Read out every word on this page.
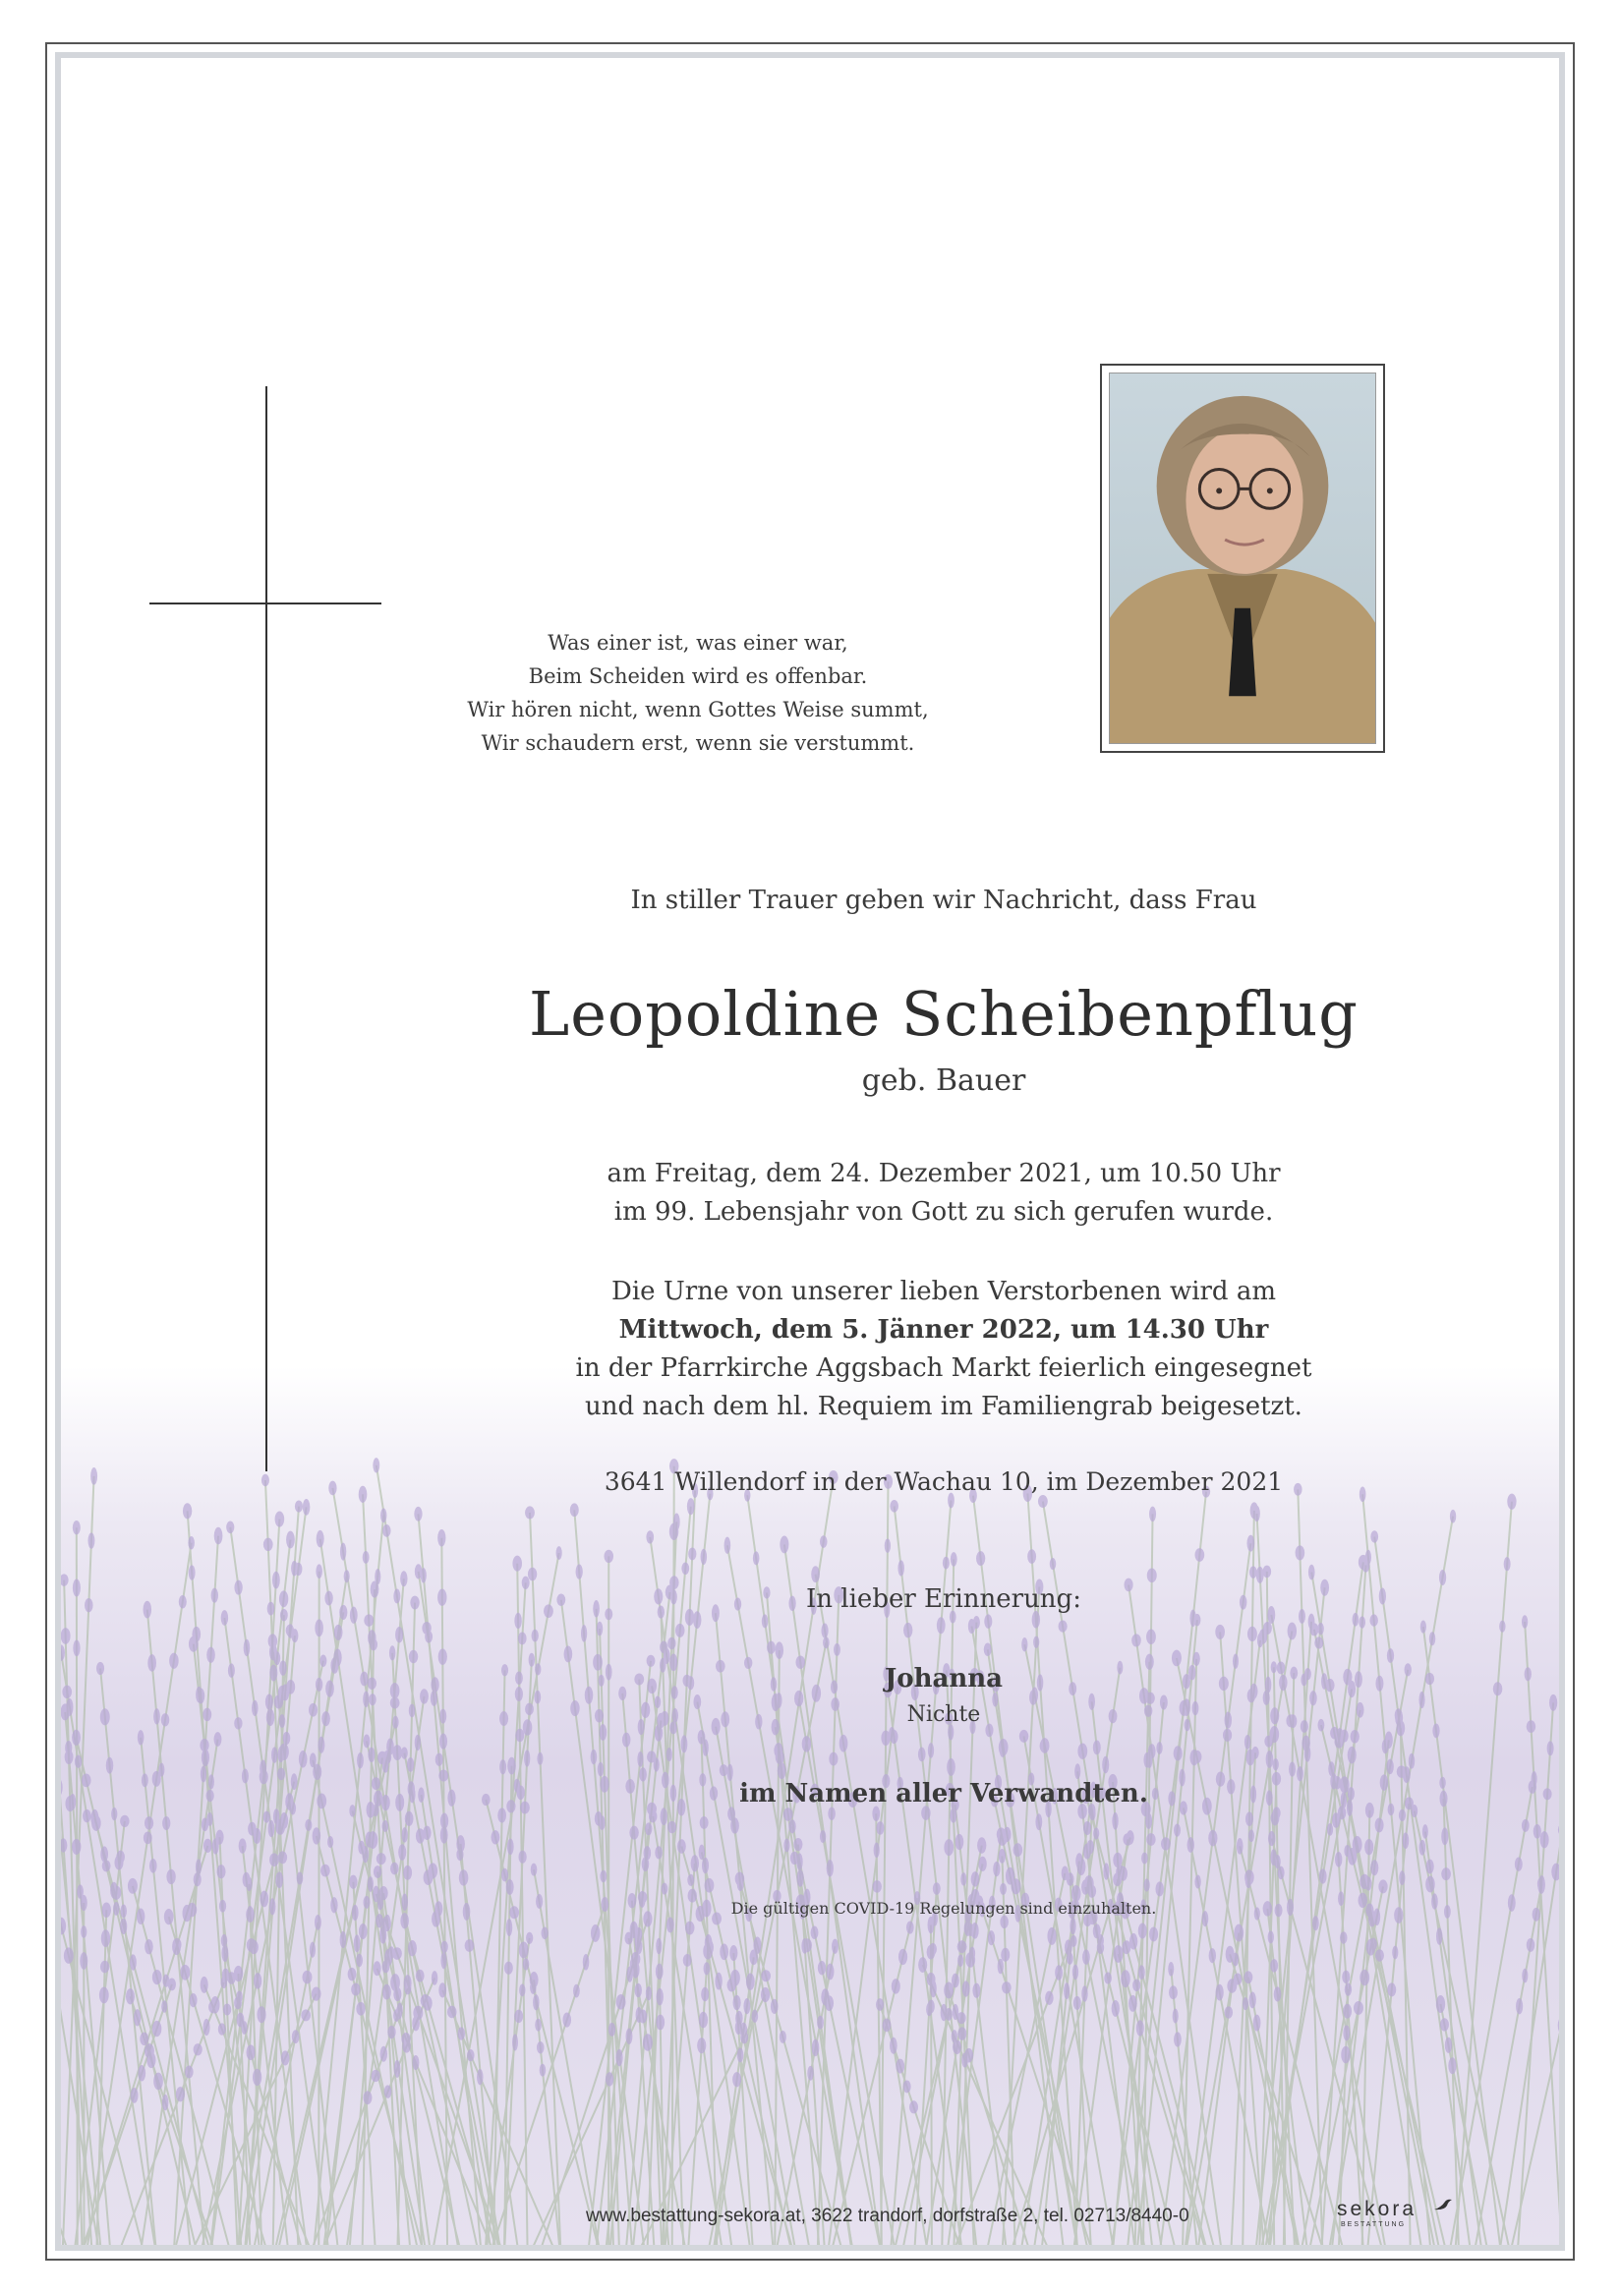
Was einer ist, was einer war,
Beim Scheiden wird es offenbar.
Wir hören nicht, wenn Gottes Weise summt,
Wir schaudern erst, wenn sie verstummt.
In stiller Trauer geben wir Nachricht, dass Frau
Leopoldine Scheibenpflug
geb. Bauer
am Freitag, dem 24. Dezember 2021, um 10.50 Uhr
im 99. Lebensjahr von Gott zu sich gerufen wurde.
Die Urne von unserer lieben Verstorbenen wird am
Mittwoch, dem 5. Jänner 2022, um 14.30 Uhr
in der Pfarrkirche Aggsbach Markt feierlich eingesegnet
und nach dem hl. Requiem im Familiengrab beigesetzt.
3641 Willendorf in der Wachau 10, im Dezember 2021
In lieber Erinnerung:
Johanna
Nichte
im Namen aller Verwandten.
Die gültigen COVID-19 Regelungen sind einzuhalten.
www.bestattung-sekora.at, 3622 trandorf, dorfstraße 2, tel. 02713/8440-0	sekora
BESTATTUNG
